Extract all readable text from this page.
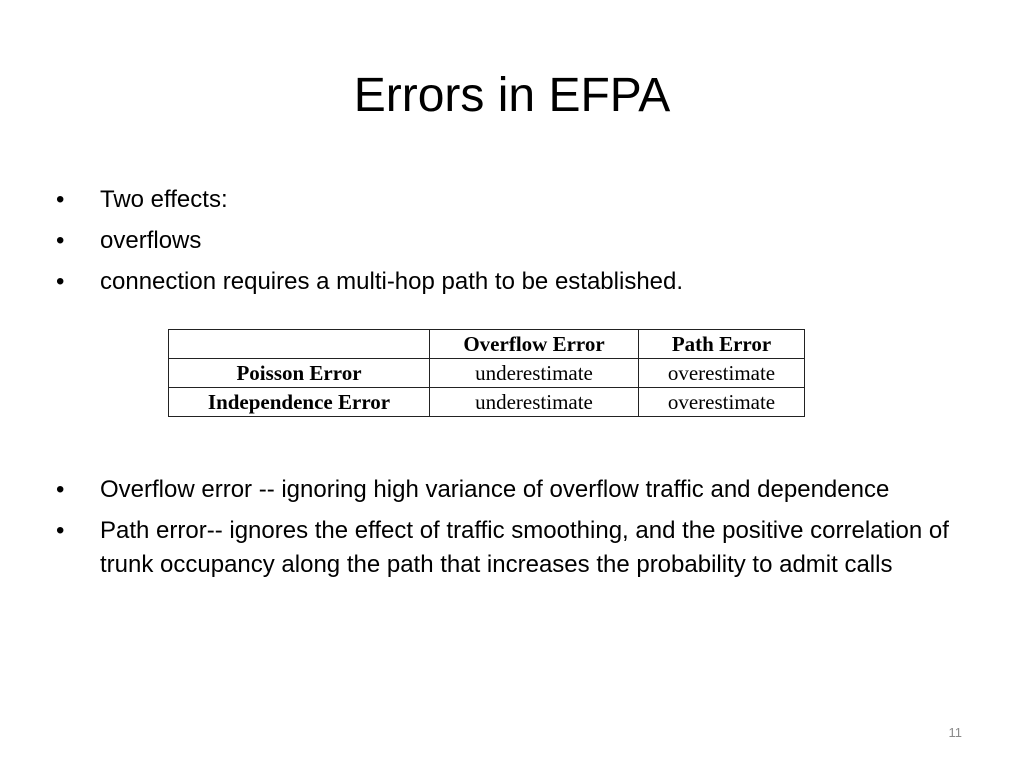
Errors in EFPA
•	Two effects:
•	overflows
•	connection requires a multi-hop path to be established.
	Overflow Error	Path Error
Poisson Error	underestimate	overestimate
Independence Error	underestimate	overestimate
•	Overflow error -- ignoring high variance of overflow traffic and dependence
•	Path error-- ignores the effect of traffic smoothing, and the positive correlation of trunk occupancy along the path that increases the probability to admit calls
11
